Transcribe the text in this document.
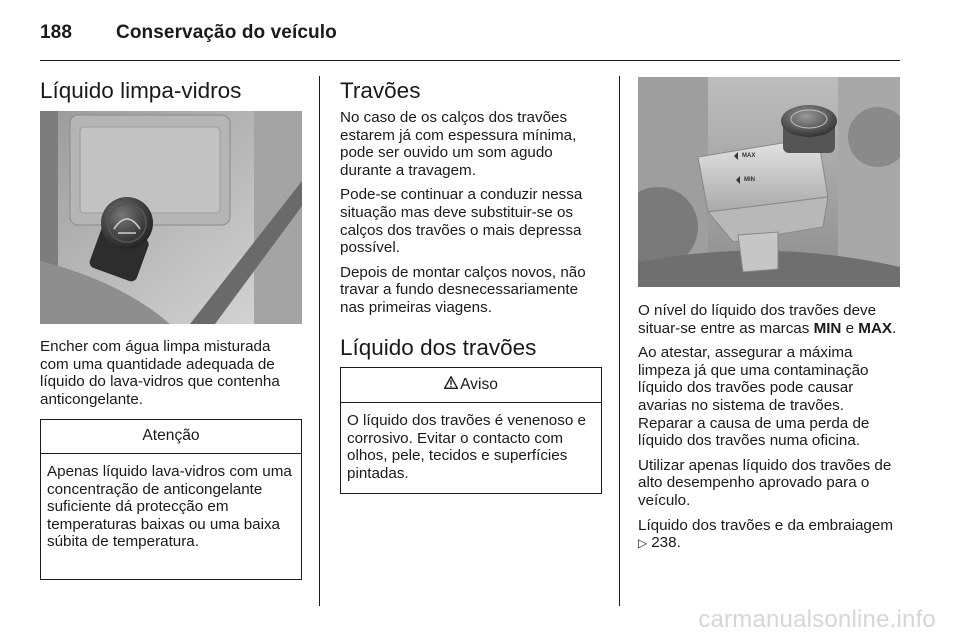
188 Conservação do veículo
Líquido limpa-vidros

Encher com água limpa misturada com uma quantidade adequada de líquido do lava-vidros que contenha anticongelante.

Atenção
Apenas líquido lava-vidros com uma concentração de anticongelante suficiente dá protecção em temperaturas baixas ou uma baixa súbita de temperatura.
Travões

No caso de os calços dos travões estarem já com espessura mínima, pode ser ouvido um som agudo durante a travagem.

Pode-se continuar a conduzir nessa situação mas deve substituir-se os calços dos travões o mais depressa possível.

Depois de montar calços novos, não travar a fundo desnecessariamente nas primeiras viagens.

Líquido dos travões
Aviso
O líquido dos travões é venenoso e corrosivo. Evitar o contacto com olhos, pele, tecidos e superfícies pintadas.
MAX
MIN

O nível do líquido dos travões deve situar-se entre as marcas MIN e MAX.

Ao atestar, assegurar a máxima limpeza já que uma contaminação líquido dos travões pode causar avarias no sistema de travões. Reparar a causa de uma perda de líquido dos travões numa oficina.

Utilizar apenas líquido dos travões de alto desempenho aprovado para o veículo.

Líquido dos travões e da embraiagem
▷ 238.

carmanualsonline.info
